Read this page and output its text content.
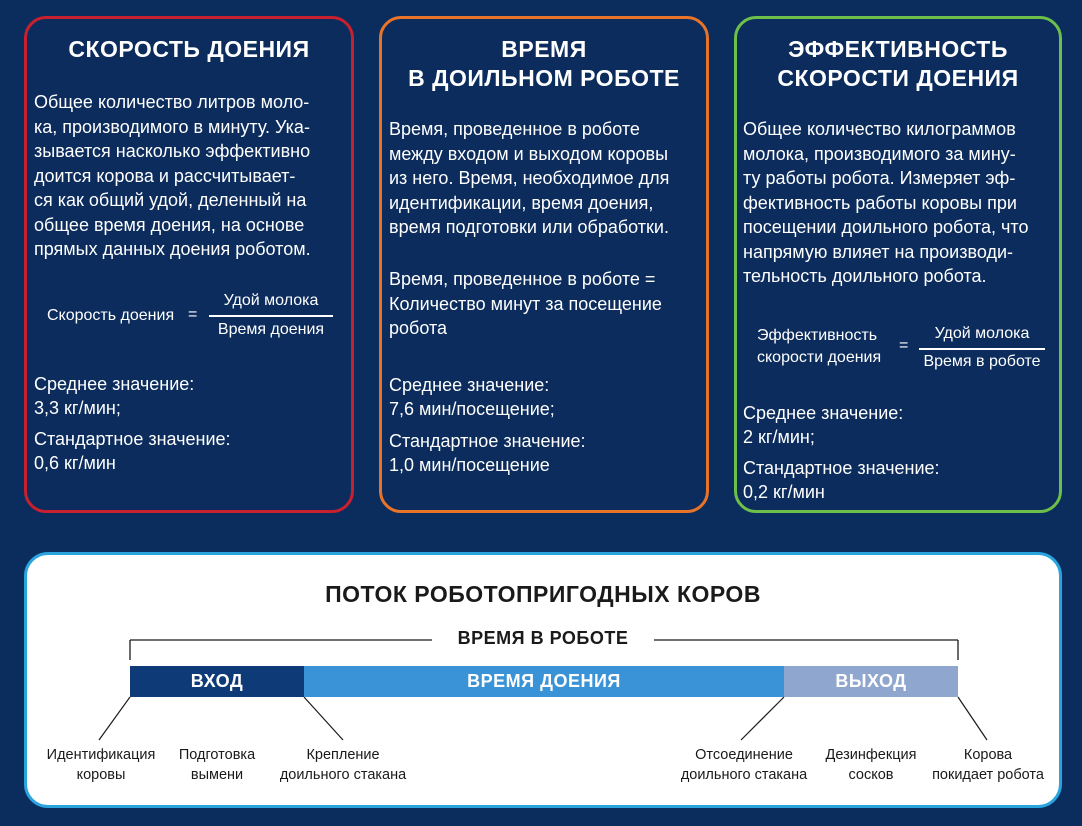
СКОРОСТЬ ДОЕНИЯ
Общее количество литров моло-
ка, производимого в минуту. Ука-
зывается насколько эффективно
доится корова и рассчитывает-
ся как общий удой, деленный на
общее время доения, на основе
прямых данных доения роботом.
Скорость доения =
Удой молока
Время доения
Среднее значение:
3,3 кг/мин;
Стандартное значение:
0,6 кг/мин
ВРЕМЯ
В ДОИЛЬНОМ РОБОТЕ
Время, проведенное в роботе
между входом и выходом коровы
из него. Время, необходимое для
идентификации, время доения,
время подготовки или обработки.
Время, проведенное в роботе =
Количество минут за посещение
робота
Среднее значение:
7,6 мин/посещение;
Стандартное значение:
1,0 мин/посещение
ЭФФЕКТИВНОСТЬ
СКОРОСТИ ДОЕНИЯ
Общее количество килограммов
молока, производимого за мину-
ту работы робота. Измеряет эф-
фективность работы коровы при
посещении доильного робота, что
напрямую влияет на производи-
тельность доильного робота.
Эффективность
скорости доения
=
Удой молока
Время в роботе
Среднее значение:
2 кг/мин;
Стандартное значение:
0,2 кг/мин
ПОТОК РОБОТОПРИГОДНЫХ КОРОВ
ВРЕМЯ В РОБОТЕ
ВХОД	ВРЕМЯ ДОЕНИЯ	ВЫХОД
Идентификация
коровы
Подготовка
вымени
Крепление
доильного стакана
Отсоединение
доильного стакана
Дезинфекция
сосков
Корова
покидает робота
